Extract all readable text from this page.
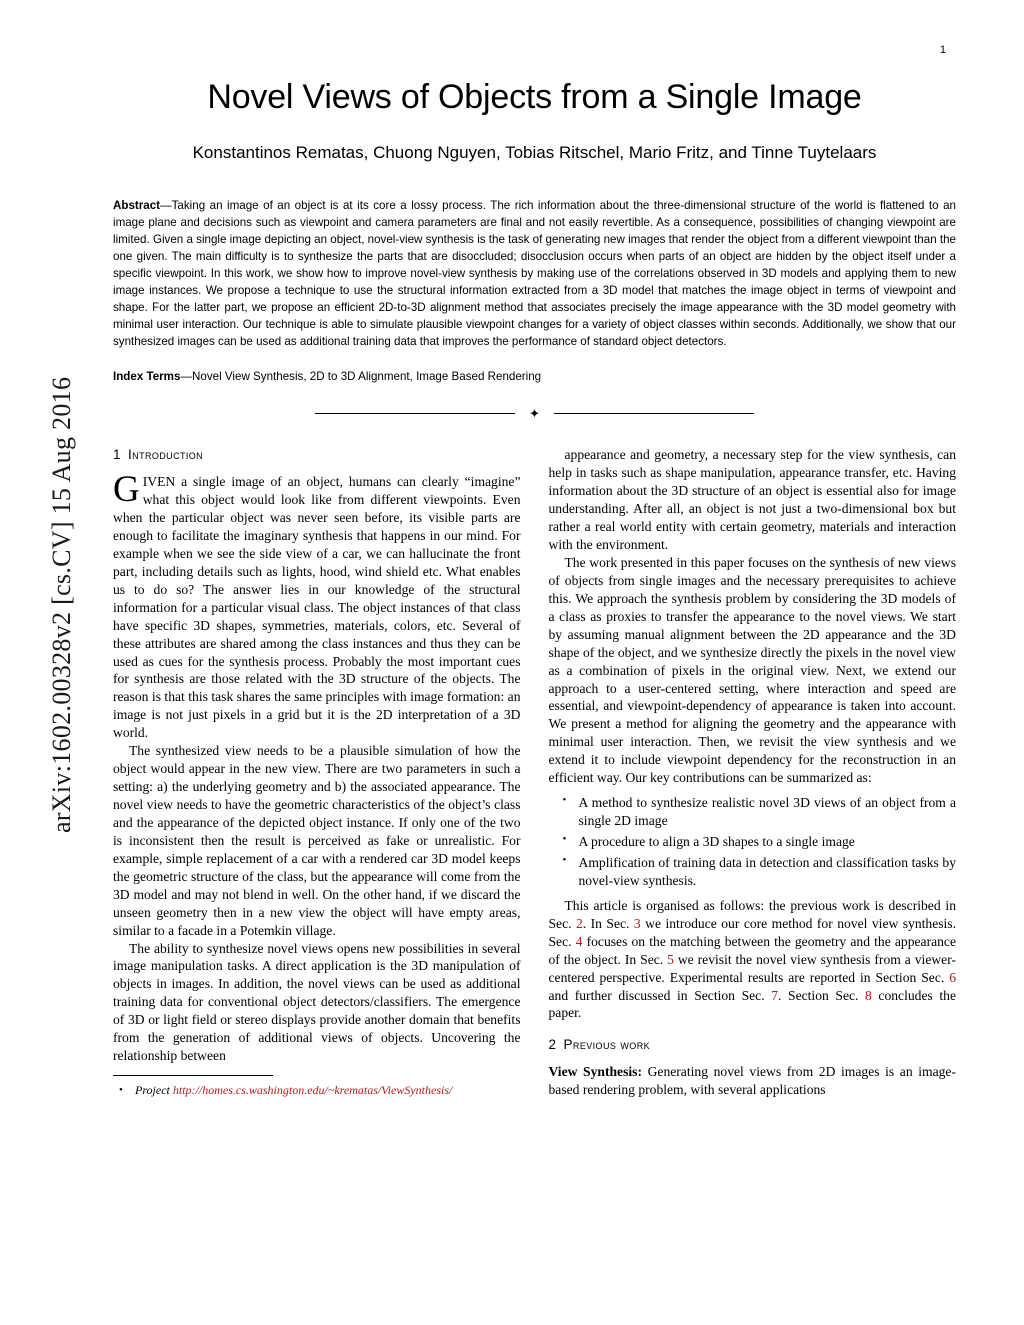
arXiv:1602.00328v2 [cs.CV] 15 Aug 2016
1
Novel Views of Objects from a Single Image
Konstantinos Rematas, Chuong Nguyen, Tobias Ritschel, Mario Fritz, and Tinne Tuytelaars
Abstract—Taking an image of an object is at its core a lossy process. The rich information about the three-dimensional structure of the world is flattened to an image plane and decisions such as viewpoint and camera parameters are final and not easily revertible. As a consequence, possibilities of changing viewpoint are limited. Given a single image depicting an object, novel-view synthesis is the task of generating new images that render the object from a different viewpoint than the one given. The main difficulty is to synthesize the parts that are disoccluded; disocclusion occurs when parts of an object are hidden by the object itself under a specific viewpoint. In this work, we show how to improve novel-view synthesis by making use of the correlations observed in 3D models and applying them to new image instances. We propose a technique to use the structural information extracted from a 3D model that matches the image object in terms of viewpoint and shape. For the latter part, we propose an efficient 2D-to-3D alignment method that associates precisely the image appearance with the 3D model geometry with minimal user interaction. Our technique is able to simulate plausible viewpoint changes for a variety of object classes within seconds. Additionally, we show that our synthesized images can be used as additional training data that improves the performance of standard object detectors.
Index Terms—Novel View Synthesis, 2D to 3D Alignment, Image Based Rendering
✦
1 Introduction

GIVEN a single image of an object, humans can clearly “imagine” what this object would look like from different viewpoints. Even when the particular object was never seen before, its visible parts are enough to facilitate the imaginary synthesis that happens in our mind. For example when we see the side view of a car, we can hallucinate the front part, including details such as lights, hood, wind shield etc. What enables us to do so? The answer lies in our knowledge of the structural information for a particular visual class. The object instances of that class have specific 3D shapes, symmetries, materials, colors, etc. Several of these attributes are shared among the class instances and thus they can be used as cues for the synthesis process. Probably the most important cues for synthesis are those related with the 3D structure of the objects. The reason is that this task shares the same principles with image formation: an image is not just pixels in a grid but it is the 2D interpretation of a 3D world.

The synthesized view needs to be a plausible simulation of how the object would appear in the new view. There are two parameters in such a setting: a) the underlying geometry and b) the associated appearance. The novel view needs to have the geometric characteristics of the object’s class and the appearance of the depicted object instance. If only one of the two is inconsistent then the result is perceived as fake or unrealistic. For example, simple replacement of a car with a rendered car 3D model keeps the geometric structure of the class, but the appearance will come from the 3D model and may not blend in well. On the other hand, if we discard the unseen geometry then in a new view the object will have empty areas, similar to a facade in a Potemkin village.

The ability to synthesize novel views opens new possibilities in several image manipulation tasks. A direct application is the 3D manipulation of objects in images. In addition, the novel views can be used as additional training data for conventional object detectors/classifiers. The emergence of 3D or light field or stereo displays provide another domain that benefits from the generation of additional views of objects. Uncovering the relationship between

• Project http://homes.cs.washington.edu/~krematas/ViewSynthesis/

appearance and geometry, a necessary step for the view synthesis, can help in tasks such as shape manipulation, appearance transfer, etc. Having information about the 3D structure of an object is essential also for image understanding. After all, an object is not just a two-dimensional box but rather a real world entity with certain geometry, materials and interaction with the environment.

The work presented in this paper focuses on the synthesis of new views of objects from single images and the necessary prerequisites to achieve this. We approach the synthesis problem by considering the 3D models of a class as proxies to transfer the appearance to the novel views. We start by assuming manual alignment between the 2D appearance and the 3D shape of the object, and we synthesize directly the pixels in the novel view as a combination of pixels in the original view. Next, we extend our approach to a user-centered setting, where interaction and speed are essential, and viewpoint-dependency of appearance is taken into account. We present a method for aligning the geometry and the appearance with minimal user interaction. Then, we revisit the view synthesis and we extend it to include viewpoint dependency for the reconstruction in an efficient way. Our key contributions can be summarized as:

• A method to synthesize realistic novel 3D views of an object from a single 2D image
• A procedure to align a 3D shapes to a single image
• Amplification of training data in detection and classification tasks by novel-view synthesis.

This article is organised as follows: the previous work is described in Sec. 2. In Sec. 3 we introduce our core method for novel view synthesis. Sec. 4 focuses on the matching between the geometry and the appearance of the object. In Sec. 5 we revisit the novel view synthesis from a viewer-centered perspective. Experimental results are reported in Section Sec. 6 and further discussed in Section Sec. 7. Section Sec. 8 concludes the paper.

2 Previous work

View Synthesis: Generating novel views from 2D images is an image-based rendering problem, with several applications
